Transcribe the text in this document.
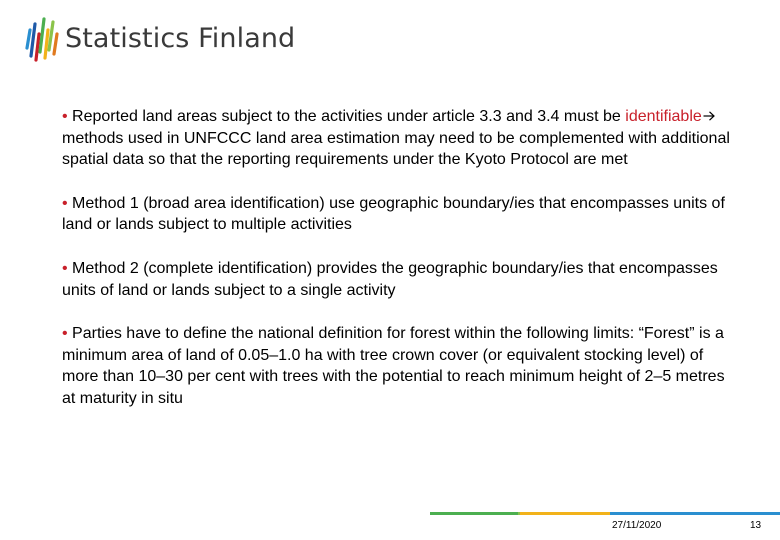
Statistics Finland

• Reported land areas subject to the activities under article 3.3 and 3.4 must be identifiablemethods used in UNFCCC land area estimation may need to be complemented with additional spatial data so that the reporting requirements under the Kyoto Protocol are met

• Method 1 (broad area identification) use geographic boundary/ies that encompasses units of land or lands subject to multiple activities

• Method 2 (complete identification) provides the geographic boundary/ies that encompasses units of land or lands subject to a single activity

• Parties have to define the national definition for forest within the following limits: “Forest” is a minimum area of land of 0.05–1.0 ha with tree crown cover (or equivalent stocking level) of more than 10–30 per cent with trees with the potential to reach minimum height of 2–5 metres at maturity in situ

27/11/2020	13
